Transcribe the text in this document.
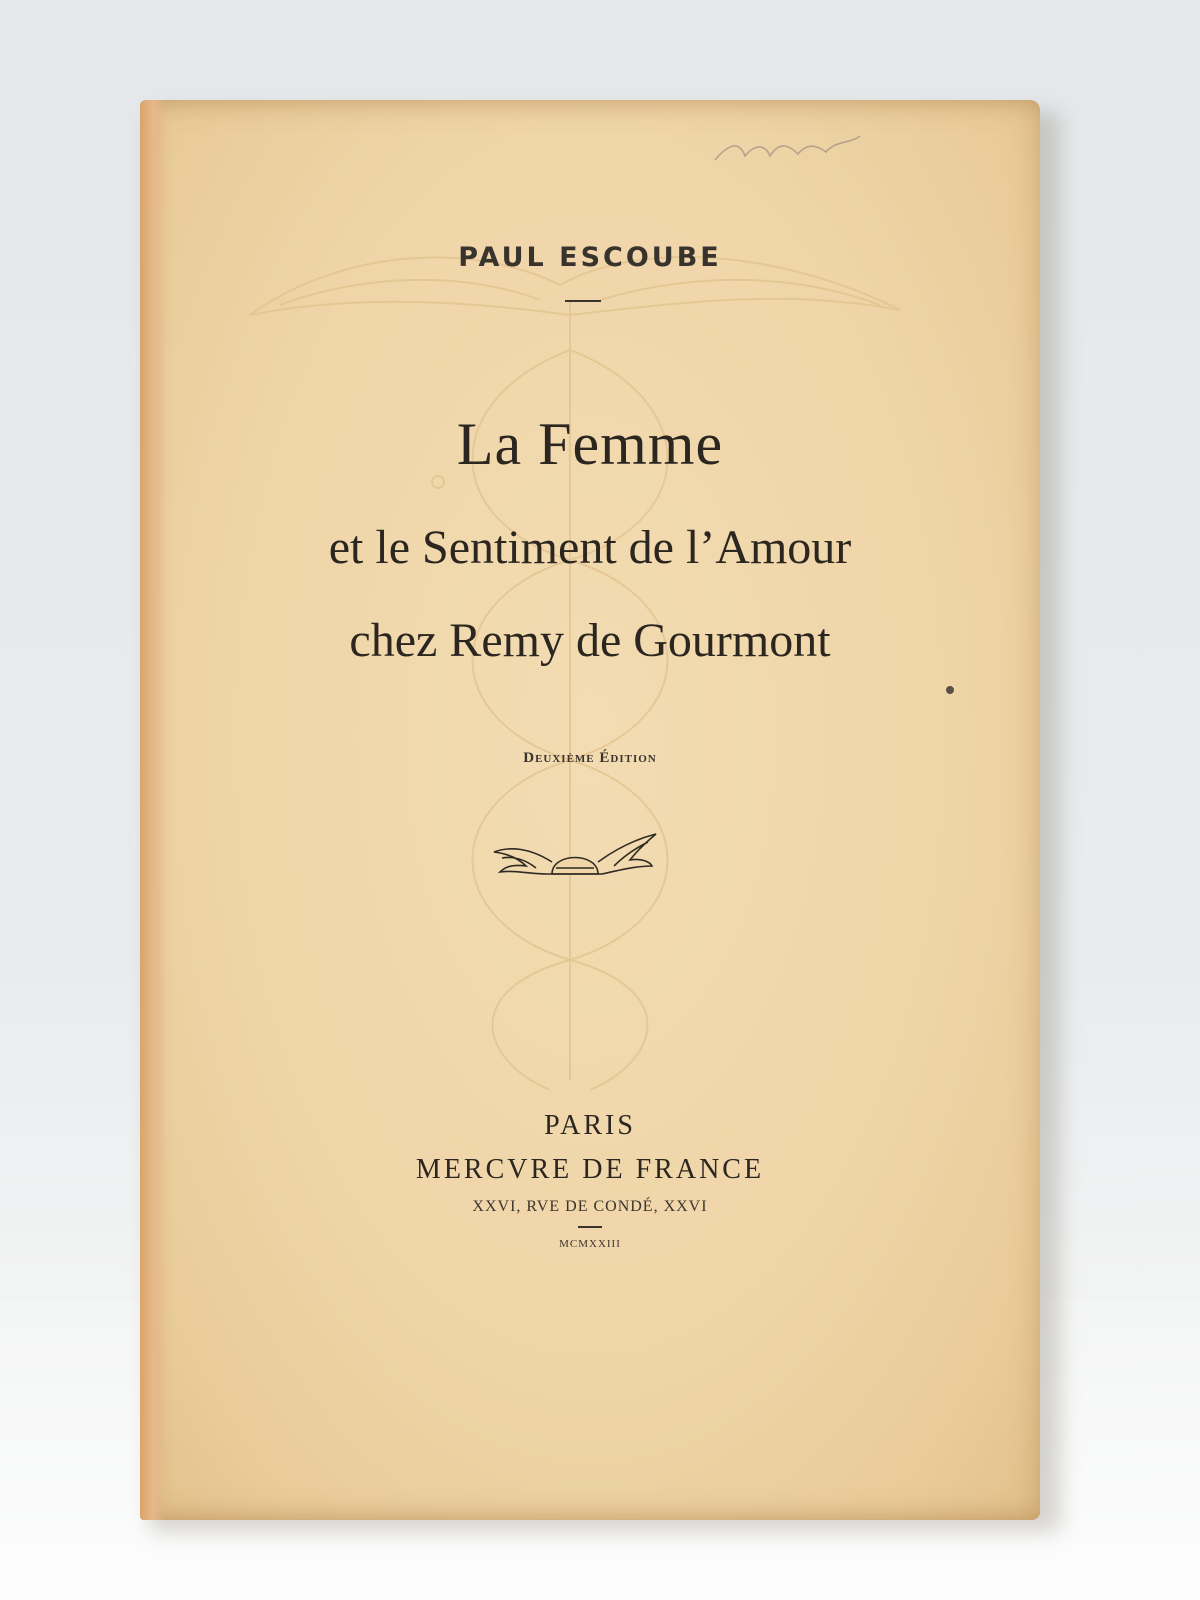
PAUL ESCOUBE
La Femme
et le Sentiment de l’Amour
chez Remy de Gourmont
Deuxième Édition
PARIS
MERCVRE DE FRANCE
XXVI, RVE DE CONDÉ, XXVI
MCMXXIII
